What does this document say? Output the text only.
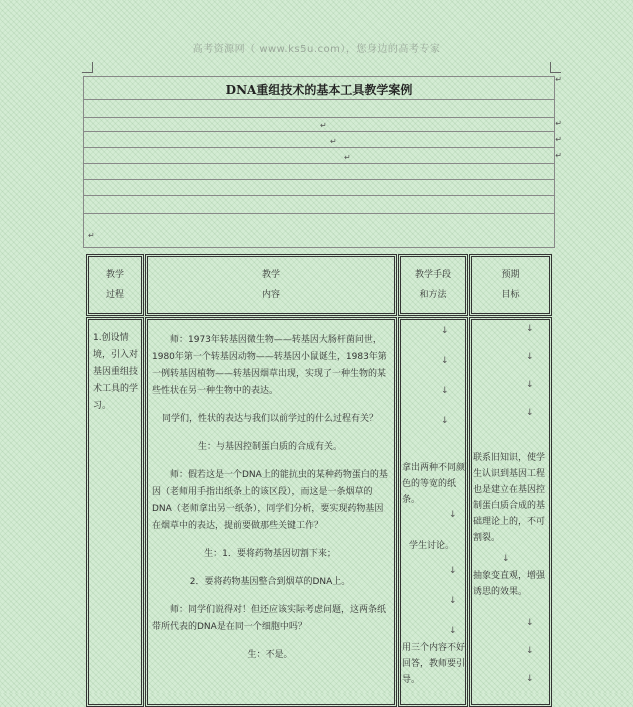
高考资源网（ www.ks5u.com），您身边的高考专家
DNA重组技术的基本工具教学案例
↵
↵
↵
↵
↵
↵
↵
↵
教学
过程
教学
内容
教学手段
和方法
预期
目标
1.创设情境，引入对基因重组技术工具的学习。

师：1973年转基因微生物——转基因大肠杆菌问世，1980年第一个转基因动物——转基因小鼠诞生，1983年第一例转基因植物——转基因烟草出现，实现了一种生物的某些性状在另一种生物中的表达。

同学们，性状的表达与我们以前学过的什么过程有关？

生：与基因控制蛋白质的合成有关。

师：假若这是一个DNA上的能抗虫的某种药物蛋白的基因（老师用手指出纸条上的该区段），而这是一条烟草的DNA（老师拿出另一纸条），同学们分析，要实现药物基因在烟草中的表达，提前要做那些关键工作？

生：1．要将药物基因切割下来；

2．要将药物基因整合到烟草的DNA上。

师：同学们说得对！但还应该实际考虑问题，这两条纸带所代表的DNA是在同一个细胞中吗？

生：不是。

↓
↓
↓
↓
拿出两种不同颜色的等宽的纸条。
↓
学生讨论。
↓
↓
↓
用三个内容不好回答，教师要引导。
↓
↓
↓
↓
联系旧知识，使学生认识到基因工程也是建立在基因控制蛋白质合成的基础理论上的，不可割裂。
↓
抽象变直观，增强诱思的效果。
↓
↓
↓
